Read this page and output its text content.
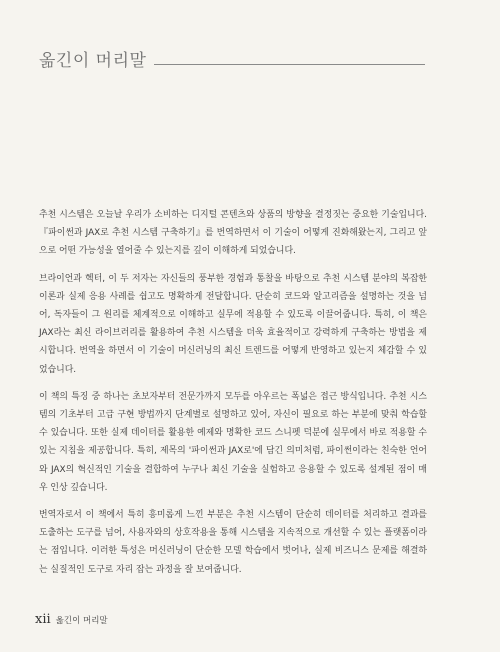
옮긴이 머리말

추천 시스템은 오늘날 우리가 소비하는 디지털 콘텐츠와 상품의 방향을 결정짓는 중요한 기술입니다. 『파이썬과 JAX로 추천 시스템 구축하기』를 번역하면서 이 기술이 어떻게 진화해왔는지, 그리고 앞으로 어떤 가능성을 열어줄 수 있는지를 깊이 이해하게 되었습니다.

브라이언과 헥터, 이 두 저자는 자신들의 풍부한 경험과 통찰을 바탕으로 추천 시스템 분야의 복잡한 이론과 실제 응용 사례를 쉽고도 명확하게 전달합니다. 단순히 코드와 알고리즘을 설명하는 것을 넘어, 독자들이 그 원리를 체계적으로 이해하고 실무에 적용할 수 있도록 이끌어줍니다. 특히, 이 책은 JAX라는 최신 라이브러리를 활용하여 추천 시스템을 더욱 효율적이고 강력하게 구축하는 방법을 제시합니다. 번역을 하면서 이 기술이 머신러닝의 최신 트렌드를 어떻게 반영하고 있는지 체감할 수 있었습니다.

이 책의 특징 중 하나는 초보자부터 전문가까지 모두를 아우르는 폭넓은 접근 방식입니다. 추천 시스템의 기초부터 고급 구현 방법까지 단계별로 설명하고 있어, 자신이 필요로 하는 부분에 맞춰 학습할 수 있습니다. 또한 실제 데이터를 활용한 예제와 명확한 코드 스니펫 덕분에 실무에서 바로 적용할 수 있는 지침을 제공합니다. 특히, 제목의 '파이썬과 JAX로'에 담긴 의미처럼, 파이썬이라는 친숙한 언어와 JAX의 혁신적인 기술을 결합하여 누구나 최신 기술을 실험하고 응용할 수 있도록 설계된 점이 매우 인상 깊습니다.

번역자로서 이 책에서 특히 흥미롭게 느낀 부분은 추천 시스템이 단순히 데이터를 처리하고 결과를 도출하는 도구를 넘어, 사용자와의 상호작용을 통해 시스템을 지속적으로 개선할 수 있는 플랫폼이라는 점입니다. 이러한 특성은 머신러닝이 단순한 모델 학습에서 벗어나, 실제 비즈니스 문제를 해결하는 실질적인 도구로 자리 잡는 과정을 잘 보여줍니다.

xii 옮긴이 머리말
